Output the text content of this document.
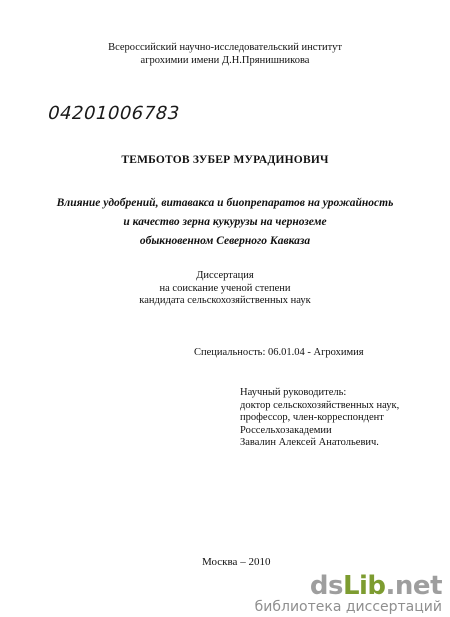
Всероссийский научно-исследовательский институт
агрохимии имени Д.Н.Прянишникова
04201006783
ТЕМБОТОВ ЗУБЕР МУРАДИНОВИЧ
Влияние удобрений, витавакса и биопрепаратов на урожайность
и качество зерна кукурузы на черноземе
обыкновенном Северного Кавказа
Диссертация
на соискание ученой степени
кандидата сельскохозяйственных наук
Специальность: 06.01.04 - Агрохимия
Научный руководитель:
доктор сельскохозяйственных наук,
профессор, член-корреспондент
Россельхозакадемии
Завалин Алексей Анатольевич.
Москва – 2010
dsLib.net
библиотека диссертаций
